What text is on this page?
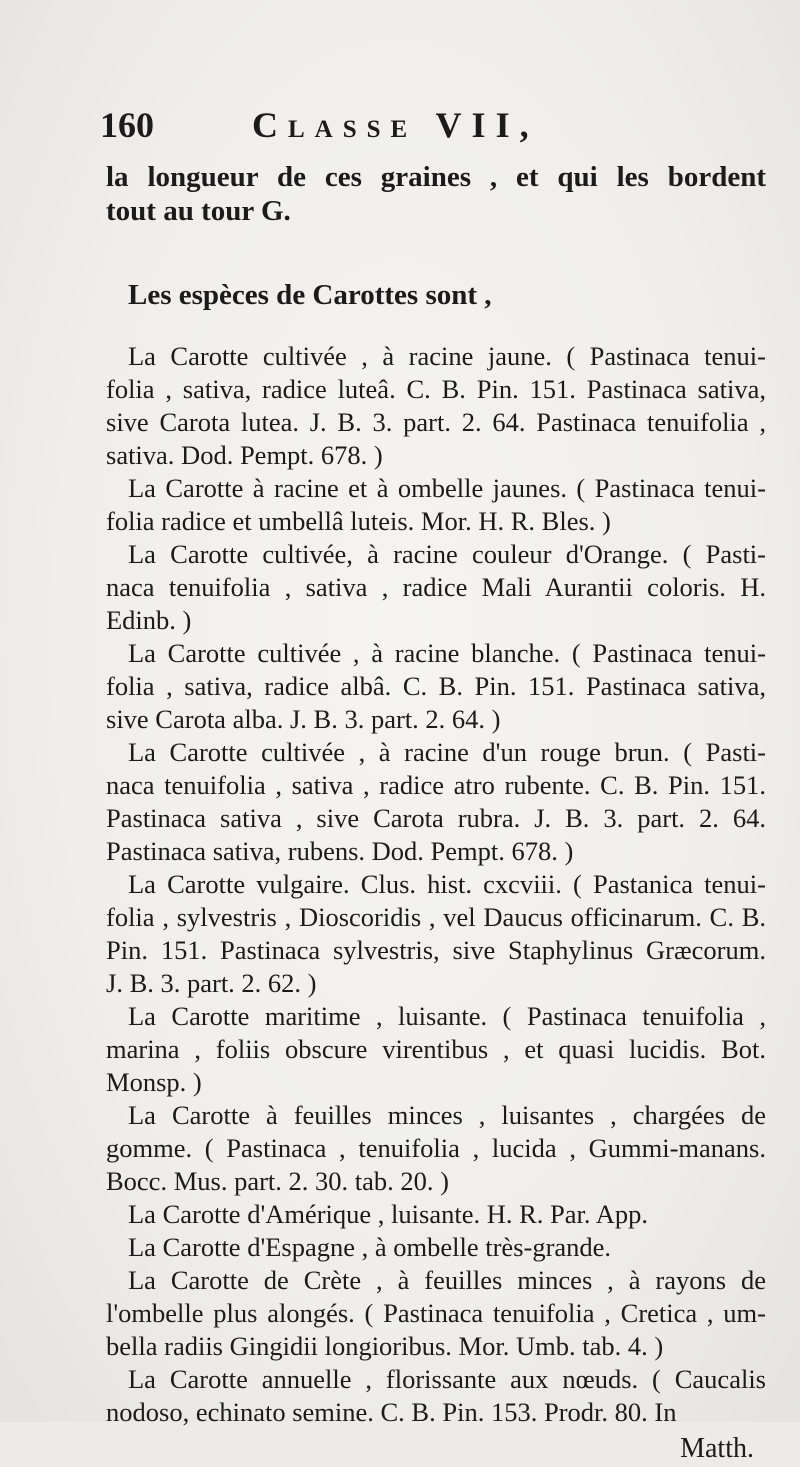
160	Classe VII,
la longueur de ces graines , et qui les bordent
tout au tour G.
Les espèces de Carottes sont ,
La Carotte cultivée , à racine jaune. ( Pastinaca tenui-
folia , sativa, radice luteâ. C. B. Pin. 151. Pastinaca sativa,
sive Carota lutea. J. B. 3. part. 2. 64. Pastinaca tenuifolia ,
sativa. Dod. Pempt. 678. )
La Carotte à racine et à ombelle jaunes. ( Pastinaca tenui-
folia radice et umbellâ luteis. Mor. H. R. Bles. )
La Carotte cultivée, à racine couleur d'Orange. ( Pasti-
naca tenuifolia , sativa , radice Mali Aurantii coloris. H.
Edinb. )
La Carotte cultivée , à racine blanche. ( Pastinaca tenui-
folia , sativa, radice albâ. C. B. Pin. 151. Pastinaca sativa,
sive Carota alba. J. B. 3. part. 2. 64. )
La Carotte cultivée , à racine d'un rouge brun. ( Pasti-
naca tenuifolia , sativa , radice atro rubente. C. B. Pin. 151.
Pastinaca sativa , sive Carota rubra. J. B. 3. part. 2. 64.
Pastinaca sativa, rubens. Dod. Pempt. 678. )
La Carotte vulgaire. Clus. hist. cxcviii. ( Pastanica tenui-
folia , sylvestris , Dioscoridis , vel Daucus officinarum. C. B.
Pin. 151. Pastinaca sylvestris, sive Staphylinus Græcorum.
J. B. 3. part. 2. 62. )
La Carotte maritime , luisante. ( Pastinaca tenuifolia ,
marina , foliis obscure virentibus , et quasi lucidis. Bot.
Monsp. )
La Carotte à feuilles minces , luisantes , chargées de
gomme. ( Pastinaca , tenuifolia , lucida , Gummi-manans.
Bocc. Mus. part. 2. 30. tab. 20. )
La Carotte d'Amérique , luisante. H. R. Par. App.
La Carotte d'Espagne , à ombelle très-grande.
La Carotte de Crète , à feuilles minces , à rayons de
l'ombelle plus alongés. ( Pastinaca tenuifolia , Cretica , um-
bella radiis Gingidii longioribus. Mor. Umb. tab. 4. )
La Carotte annuelle , florissante aux nœuds. ( Caucalis
nodoso, echinato semine. C. B. Pin. 153. Prodr. 80. In
Matth.
